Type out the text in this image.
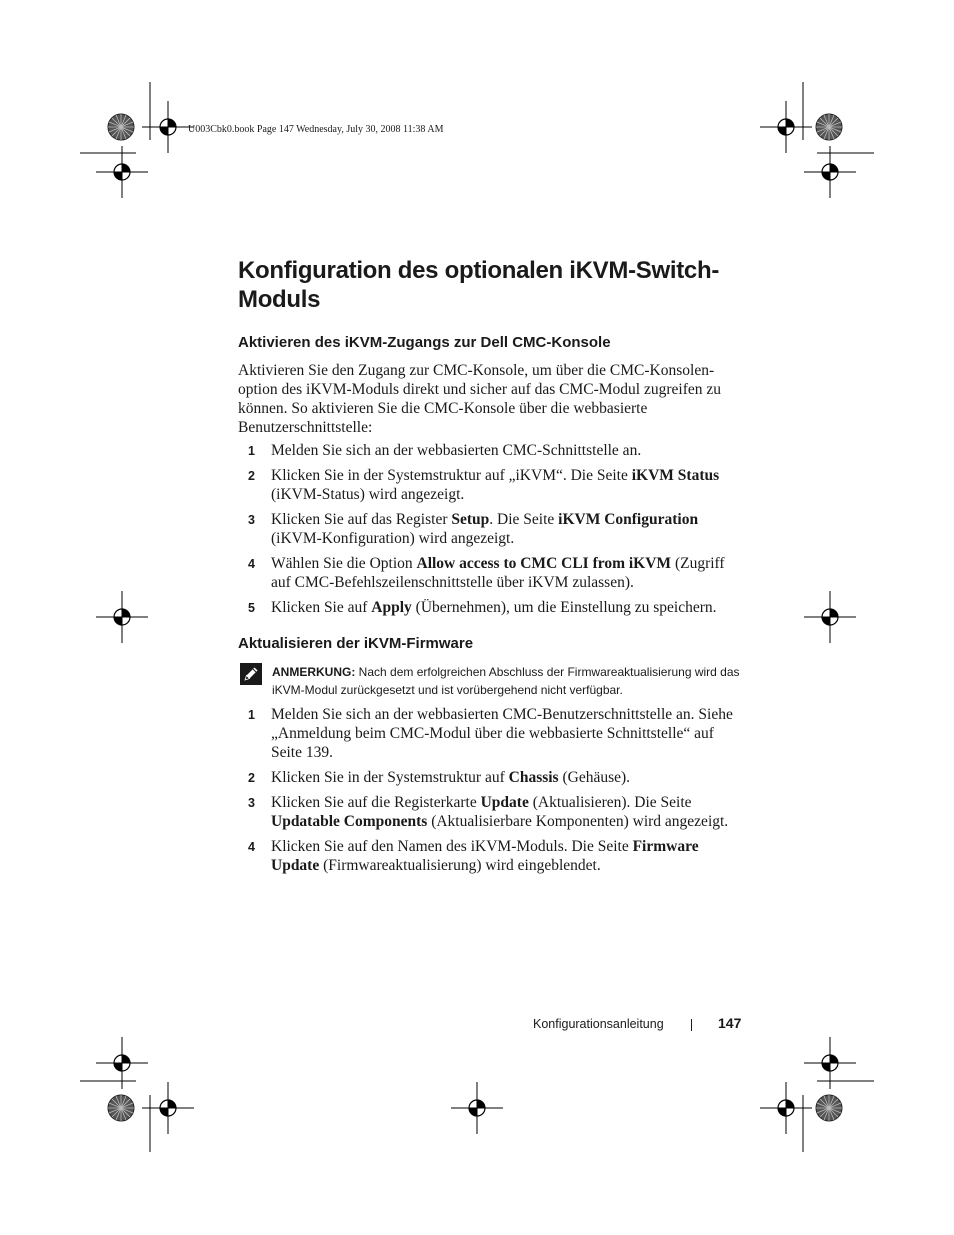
U003Cbk0.book Page 147 Wednesday, July 30, 2008 11:38 AM
Konfiguration des optionalen iKVM-Switch-Moduls
Aktivieren des iKVM-Zugangs zur Dell CMC-Konsole

Aktivieren Sie den Zugang zur CMC-Konsole, um über die CMC-Konsolen-option des iKVM-Moduls direkt und sicher auf das CMC-Modul zugreifen zu können. So aktivieren Sie die CMC-Konsole über die webbasierte Benutzerschnittstelle:

1 Melden Sie sich an der webbasierten CMC-Schnittstelle an.
2 Klicken Sie in der Systemstruktur auf „iKVM“. Die Seite iKVM Status (iKVM-Status) wird angezeigt.
3 Klicken Sie auf das Register Setup. Die Seite iKVM Configuration (iKVM-Konfiguration) wird angezeigt.
4 Wählen Sie die Option Allow access to CMC CLI from iKVM (Zugriff auf CMC-Befehlszeilenschnittstelle über iKVM zulassen).
5 Klicken Sie auf Apply (Übernehmen), um die Einstellung zu speichern.
Aktualisieren der iKVM-Firmware
ANMERKUNG: Nach dem erfolgreichen Abschluss der Firmwareaktualisierung wird das iKVM-Modul zurückgesetzt und ist vorübergehend nicht verfügbar.
1 Melden Sie sich an der webbasierten CMC-Benutzerschnittstelle an. Siehe „Anmeldung beim CMC-Modul über die webbasierte Schnittstelle“ auf Seite 139.
2 Klicken Sie in der Systemstruktur auf Chassis (Gehäuse).
3 Klicken Sie auf die Registerkarte Update (Aktualisieren). Die Seite Updatable Components (Aktualisierbare Komponenten) wird angezeigt.
4 Klicken Sie auf den Namen des iKVM-Moduls. Die Seite Firmware Update (Firmwareaktualisierung) wird eingeblendet.
Konfigurationsanleitung	147
